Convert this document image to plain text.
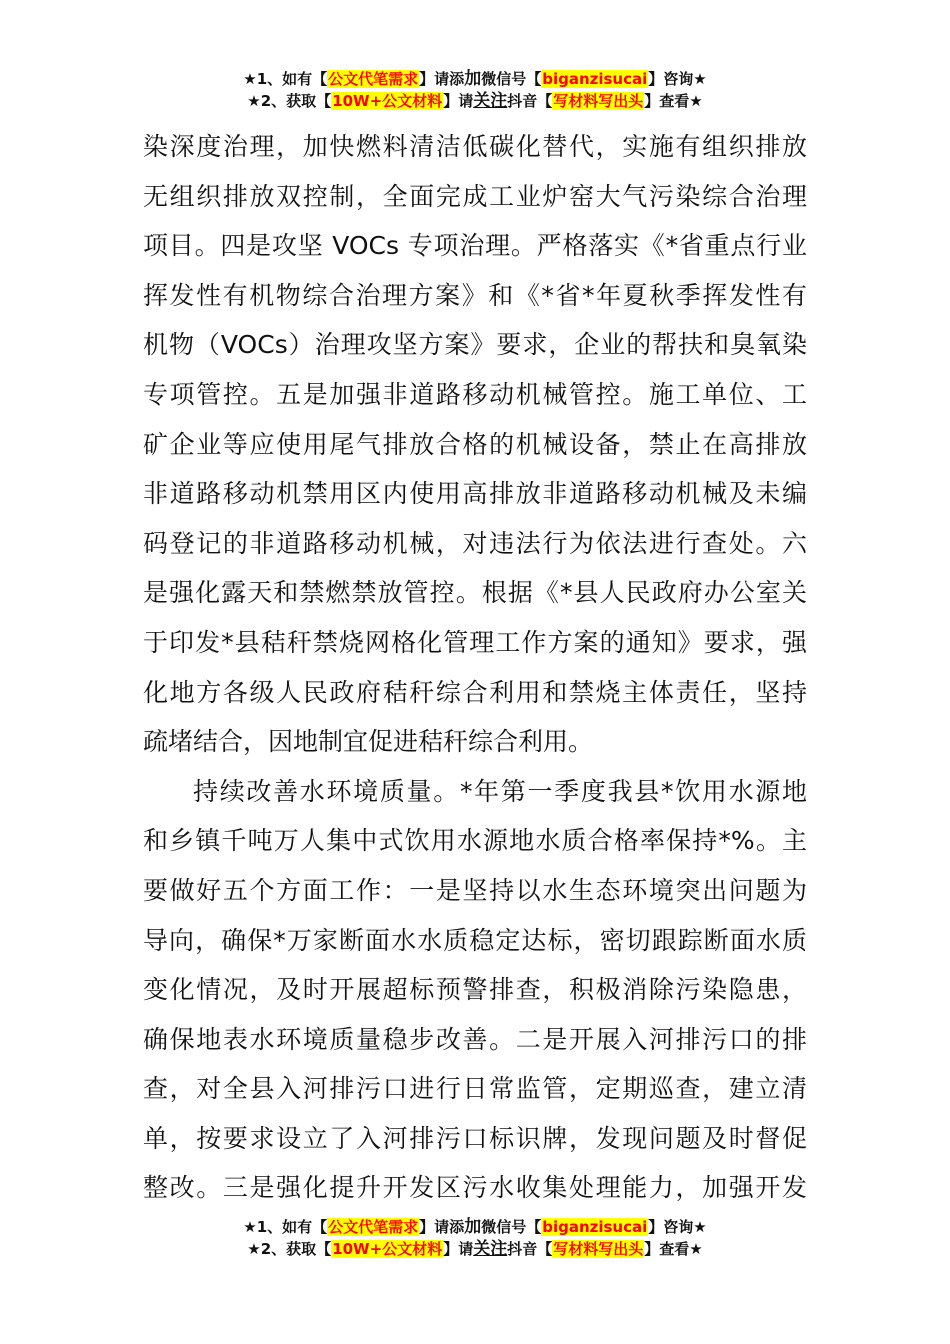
★1、如有【公文代笔需求】请添加微信号【biganzisucai】咨询★
★2、获取【10W+公文材料】请关注抖音【写材料写出头】查看★
染深度治理，加快燃料清洁低碳化替代，实施有组织排放
无组织排放双控制，全面完成工业炉窑大气污染综合治理
项目。四是攻坚 VOCs 专项治理。严格落实《*省重点行业
挥发性有机物综合治理方案》和《*省*年夏秋季挥发性有
机物（VOCs）治理攻坚方案》要求，企业的帮扶和臭氧染
专项管控。五是加强非道路移动机械管控。施工单位、工
矿企业等应使用尾气排放合格的机械设备，禁止在高排放
非道路移动机禁用区内使用高排放非道路移动机械及未编
码登记的非道路移动机械，对违法行为依法进行查处。六
是强化露天和禁燃禁放管控。根据《*县人民政府办公室关
于印发*县秸秆禁烧网格化管理工作方案的通知》要求，强
化地方各级人民政府秸秆综合利用和禁烧主体责任，坚持
疏堵结合，因地制宜促进秸秆综合利用。
持续改善水环境质量。*年第一季度我县*饮用水源地
和乡镇千吨万人集中式饮用水源地水质合格率保持*%。主
要做好五个方面工作：一是坚持以水生态环境突出问题为
导向，确保*万家断面水水质稳定达标，密切跟踪断面水质
变化情况，及时开展超标预警排查，积极消除污染隐患，
确保地表水环境质量稳步改善。二是开展入河排污口的排
查，对全县入河排污口进行日常监管，定期巡查，建立清
单，按要求设立了入河排污口标识牌，发现问题及时督促
整改。三是强化提升开发区污水收集处理能力，加强开发
★1、如有【公文代笔需求】请添加微信号【biganzisucai】咨询★
★2、获取【10W+公文材料】请关注抖音【写材料写出头】查看★
